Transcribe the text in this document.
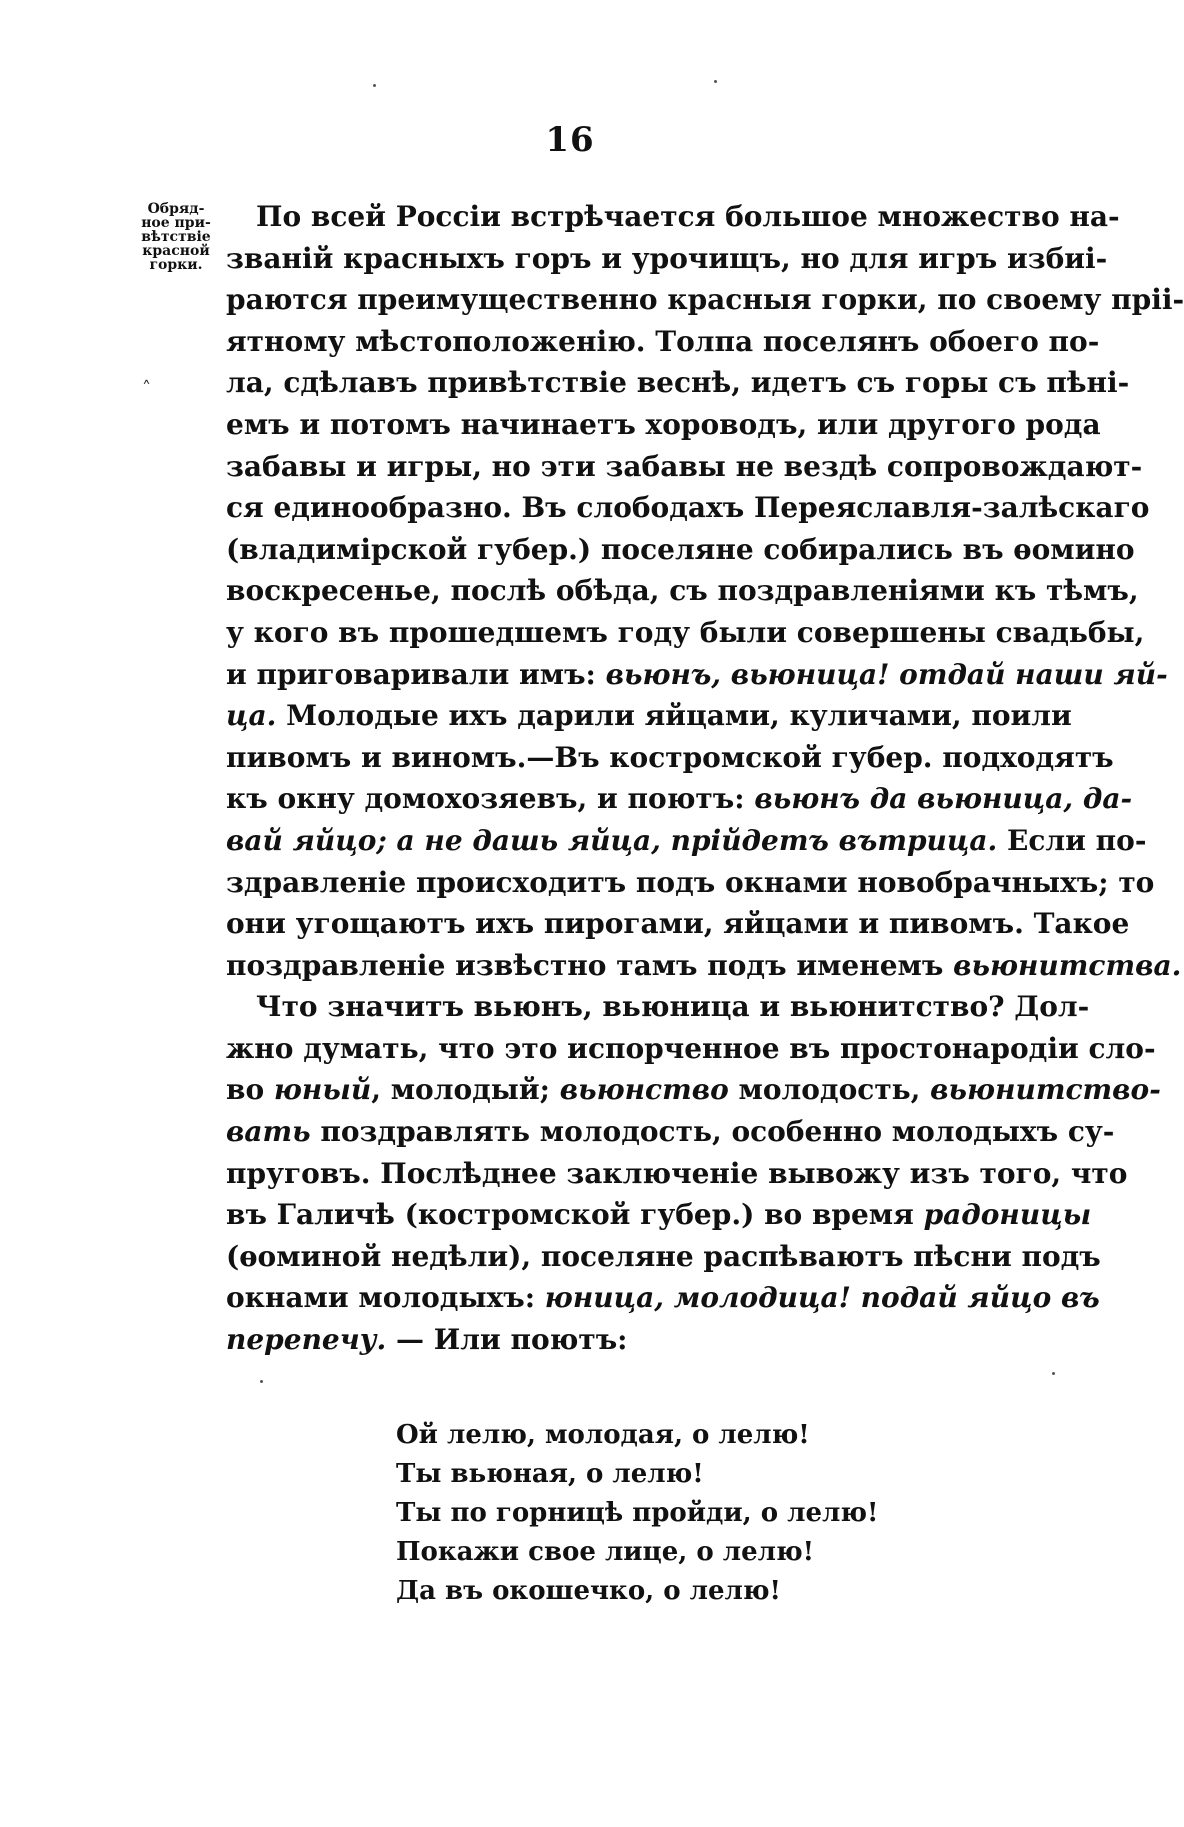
16
Обряд-
ное при-
вѣтствіе
красной
горки.
˄
По всей Россіи встрѣчается большое множество на-
званій красныхъ горъ и урочищъ, но для игръ избиі-
раются преимущественно красныя горки, по своему пріі-
ятному мѣстоположенію. Толпа поселянъ обоего по-
ла, сдѣлавъ привѣтствіе веснѣ, идетъ съ горы съ пѣні-
емъ и потомъ начинаетъ хороводъ, или другого рода
забавы и игры, но эти забавы не вездѣ сопровождают-
ся единообразно. Въ слободахъ Переяславля-залѣскаго
(владимірской губер.) поселяне собирались въ ѳомино
воскресенье, послѣ обѣда, съ поздравленіями къ тѣмъ,
у кого въ прошедшемъ году были совершены свадьбы,
и приговаривали имъ: вьюнъ, вьюница! отдай наши яй-
ца. Молодые ихъ дарили яйцами, куличами, поили
пивомъ и виномъ.—Въ костромской губер. подходятъ
къ окну домохозяевъ, и поютъ: вьюнъ да вьюница, да-
вай яйцо; а не дашь яйца, прійдетъ вътрица. Если по-
здравленіе происходитъ подъ окнами новобрачныхъ; то
они угощаютъ ихъ пирогами, яйцами и пивомъ. Такое
поздравленіе извѣстно тамъ подъ именемъ вьюнитства.
Что значитъ вьюнъ, вьюница и вьюнитство? Дол-
жно думать, что это испорченное въ простонародіи сло-
во юный, молодый; вьюнство молодость, вьюнитство-
вать поздравлять молодость, особенно молодыхъ су-
пруговъ. Послѣднее заключеніе вывожу изъ того, что
въ Галичѣ (костромской губер.) во время радоницы
(ѳоминой недѣли), поселяне распѣваютъ пѣсни подъ
окнами молодыхъ: юница, молодица! подай яйцо въ
перепечу. — Или поютъ:
Ой лелю, молодая, о лелю!
Ты вьюная, о лелю!
Ты по горницѣ пройди, о лелю!
Покажи свое лице, о лелю!
Да въ окошечко, о лелю!
